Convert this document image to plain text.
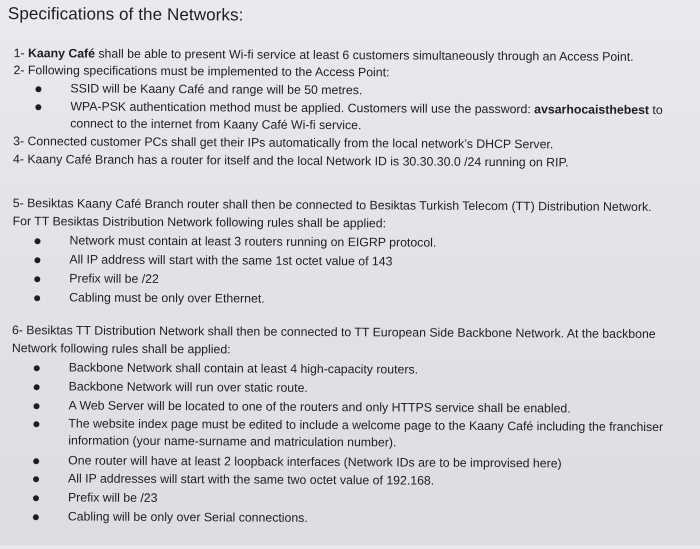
Specifications of the Networks:
1- Kaany Café shall be able to present Wi-fi service at least 6 customers simultaneously through an Access Point.
2- Following specifications must be implemented to the Access Point:
SSID will be Kaany Café and range will be 50 metres.
WPA-PSK authentication method must be applied. Customers will use the password: avsarhocaisthebest to
connect to the internet from Kaany Café Wi-fi service.
3- Connected customer PCs shall get their IPs automatically from the local network’s DHCP Server.
4- Kaany Café Branch has a router for itself and the local Network ID is 30.30.30.0 /24 running on RIP.
5- Besiktas Kaany Café Branch router shall then be connected to Besiktas Turkish Telecom (TT) Distribution Network.
For TT Besiktas Distribution Network following rules shall be applied:
Network must contain at least 3 routers running on EIGRP protocol.
All IP address will start with the same 1st octet value of 143
Prefix will be /22
Cabling must be only over Ethernet.
6- Besiktas TT Distribution Network shall then be connected to TT European Side Backbone Network. At the backbone
Network following rules shall be applied:
Backbone Network shall contain at least 4 high-capacity routers.
Backbone Network will run over static route.
A Web Server will be located to one of the routers and only HTTPS service shall be enabled.
The website index page must be edited to include a welcome page to the Kaany Café including the franchiser
information (your name-surname and matriculation number).
One router will have at least 2 loopback interfaces (Network IDs are to be improvised here)
All IP addresses will start with the same two octet value of 192.168.
Prefix will be /23
Cabling will be only over Serial connections.
